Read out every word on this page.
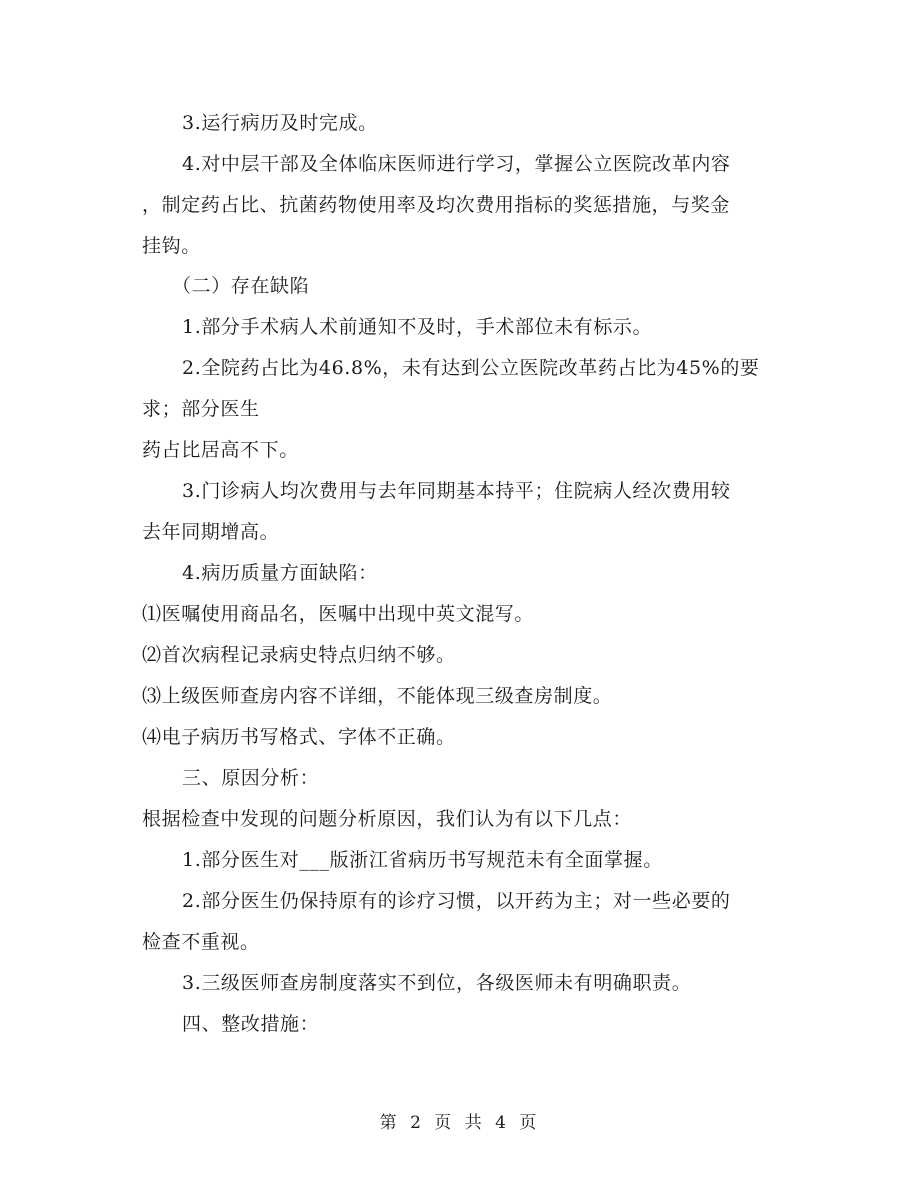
3.运行病历及时完成。
4.对中层干部及全体临床医师进行学习，掌握公立医院改革内容
，制定药占比、抗菌药物使用率及均次费用指标的奖惩措施，与奖金
挂钩。
（二）存在缺陷
1.部分手术病人术前通知不及时，手术部位未有标示。
2.全院药占比为46.8%，未有达到公立医院改革药占比为45%的要
求；部分医生
药占比居高不下。
3.门诊病人均次费用与去年同期基本持平；住院病人经次费用较
去年同期增高。
4.病历质量方面缺陷：
⑴医嘱使用商品名，医嘱中出现中英文混写。
⑵首次病程记录病史特点归纳不够。
⑶上级医师查房内容不详细，不能体现三级查房制度。
⑷电子病历书写格式、字体不正确。
三、原因分析：
根据检查中发现的问题分析原因，我们认为有以下几点：
1.部分医生对___版浙江省病历书写规范未有全面掌握。
2.部分医生仍保持原有的诊疗习惯，以开药为主；对一些必要的
检查不重视。
3.三级医师查房制度落实不到位，各级医师未有明确职责。
四、整改措施：
第 2 页 共 4 页
